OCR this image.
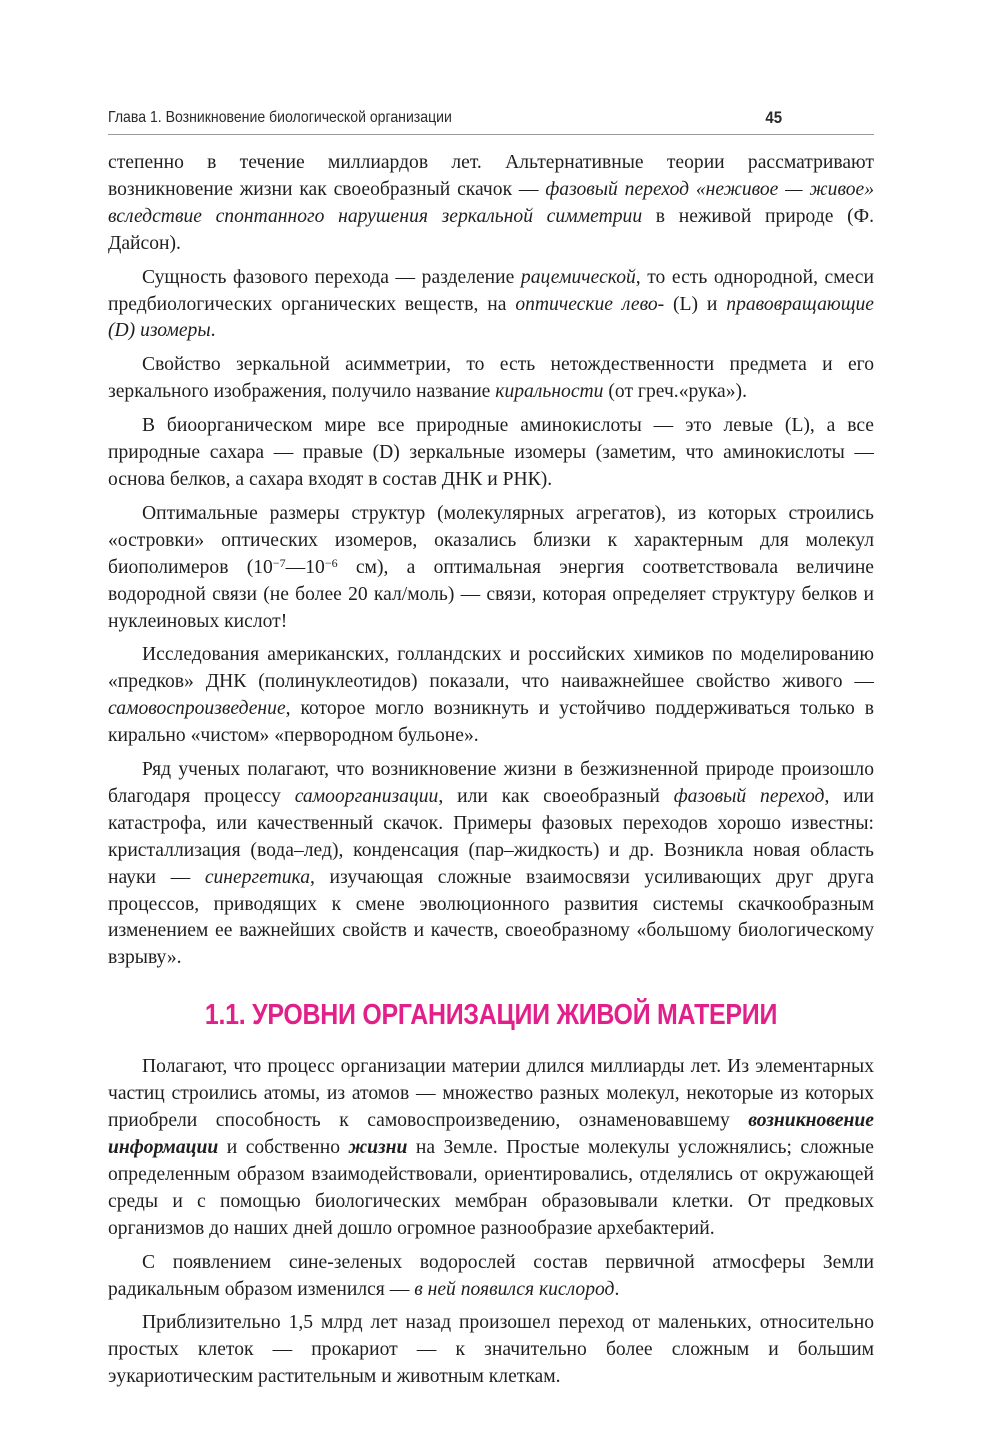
Глава 1. Возникновение биологической организации	45

степенно в течение миллиардов лет. Альтернативные теории рассматривают возникновение жизни как своеобразный скачок — фазовый переход «неживое — живое» вследствие спонтанного нарушения зеркальной симметрии в неживой природе (Ф. Дайсон).

Сущность фазового перехода — разделение рацемической, то есть однородной, смеси предбиологических органических веществ, на оптические лево- (L) и правовращающие (D) изомеры.

Свойство зеркальной асимметрии, то есть нетождественности предмета и его зеркального изображения, получило название киральности (от греч.«рука»).

В биоорганическом мире все природные аминокислоты — это левые (L), а все природные сахара — правые (D) зеркальные изомеры (заметим, что аминокислоты — основа белков, а сахара входят в состав ДНК и РНК).

Оптимальные размеры структур (молекулярных агрегатов), из которых строились «островки» оптических изомеров, оказались близки к характерным для молекул биополимеров ($10^{-7}—10^{-6}$ см), а оптимальная энергия соответствовала величине водородной связи (не более 20 кал/моль) — связи, которая определяет структуру белков и нуклеиновых кислот!

Исследования американских, голландских и российских химиков по моделированию «предков» ДНК (полинуклеотидов) показали, что наиважнейшее свойство живого — самовоспроизведение, которое могло возникнуть и устойчиво поддерживаться только в кирально «чистом» «первородном бульоне».

Ряд ученых полагают, что возникновение жизни в безжизненной природе произошло благодаря процессу самоорганизации, или как своеобразный фазовый переход, или катастрофа, или качественный скачок. Примеры фазовых переходов хорошо известны: кристаллизация (вода–лед), конденсация (пар–жидкость) и др. Возникла новая область науки — синергетика, изучающая сложные взаимосвязи усиливающих друг друга процессов, приводящих к смене эволюционного развития системы скачкообразным изменением ее важнейших свойств и качеств, своеобразному «большому биологическому взрыву».

1.1. УРОВНИ ОРГАНИЗАЦИИ ЖИВОЙ МАТЕРИИ

Полагают, что процесс организации материи длился миллиарды лет. Из элементарных частиц строились атомы, из атомов — множество разных молекул, некоторые из которых приобрели способность к самовоспроизведению, ознаменовавшему возникновение информации и собственно жизни на Земле. Простые молекулы усложнялись; сложные определенным образом взаимодействовали, ориентировались, отделялись от окружающей среды и с помощью биологических мембран образовывали клетки. От предковых организмов до наших дней дошло огромное разнообразие архебактерий.

С появлением сине-зеленых водорослей состав первичной атмосферы Земли радикальным образом изменился — в ней появился кислород.

Приблизительно 1,5 млрд лет назад произошел переход от маленьких, относительно простых клеток — прокариот — к значительно более сложным и большим эукариотическим растительным и животным клеткам.
